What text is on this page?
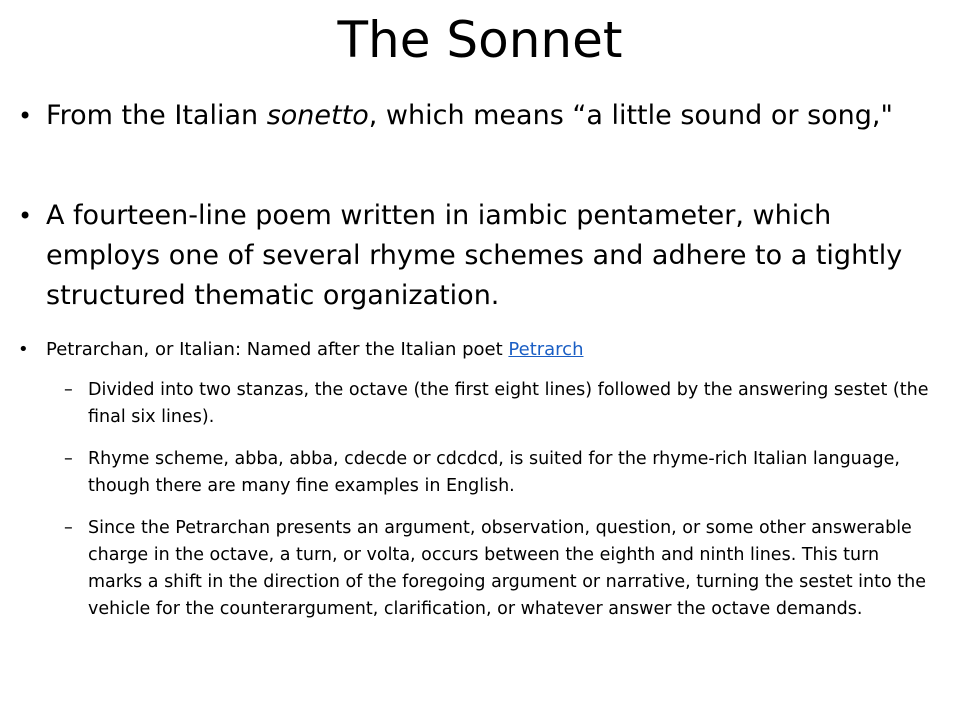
The Sonnet
• From the Italian sonetto, which means “a little sound or song,"
• A fourteen-line poem written in iambic pentameter, which employs one of several rhyme schemes and adhere to a tightly structured thematic organization.
• Petrarchan, or Italian: Named after the Italian poet Petrarch
– Divided into two stanzas, the octave (the first eight lines) followed by the answering sestet (the final six lines).
– Rhyme scheme, abba, abba, cdecde or cdcdcd, is suited for the rhyme-rich Italian language, though there are many fine examples in English.
– Since the Petrarchan presents an argument, observation, question, or some other answerable charge in the octave, a turn, or volta, occurs between the eighth and ninth lines. This turn marks a shift in the direction of the foregoing argument or narrative, turning the sestet into the vehicle for the counterargument, clarification, or whatever answer the octave demands.
